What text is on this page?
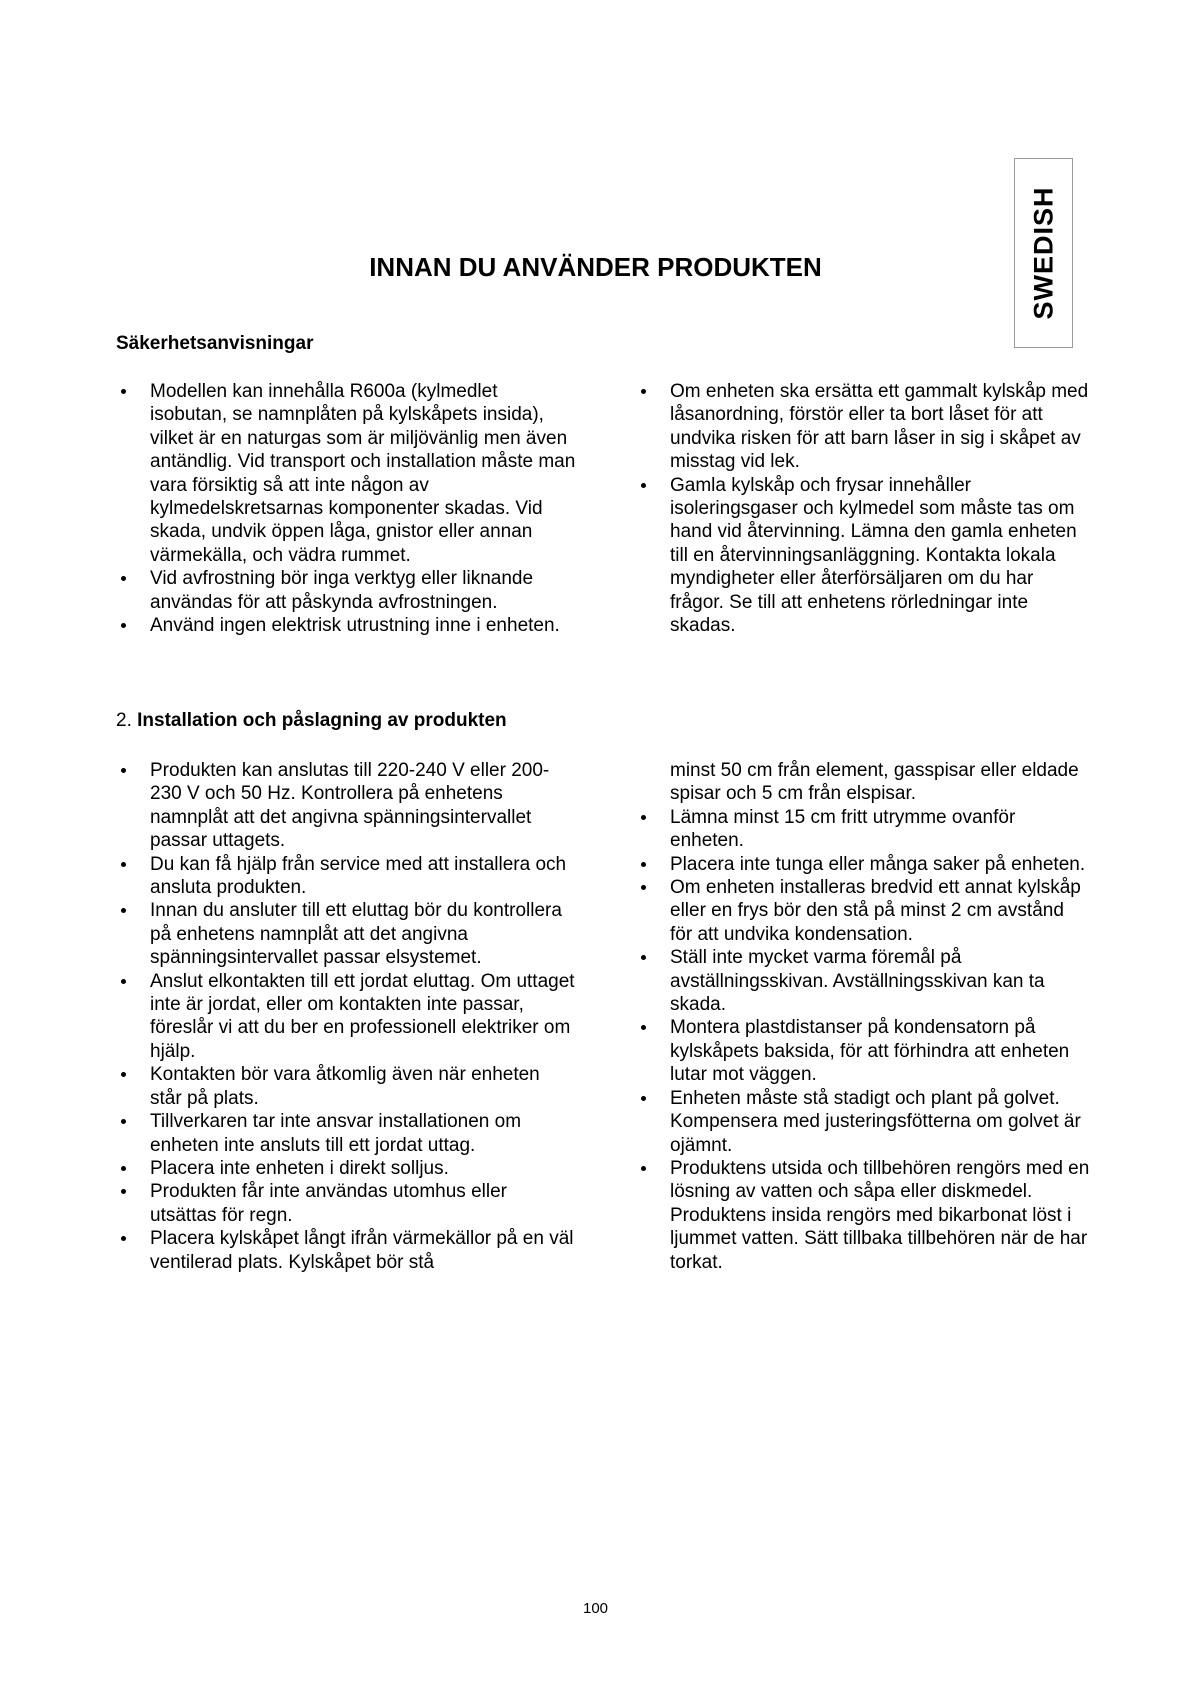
SWEDISH
INNAN DU ANVÄNDER PRODUKTEN
Säkerhetsanvisningar
Modellen kan innehålla R600a (kylmedlet isobutan, se namnplåten på kylskåpets insida), vilket är en naturgas som är miljövänlig men även antändlig. Vid transport och installation måste man vara försiktig så att inte någon av kylmedelskretsarnas komponenter skadas. Vid skada, undvik öppen låga, gnistor eller annan värmekälla, och vädra rummet.
Vid avfrostning bör inga verktyg eller liknande användas för att påskynda avfrostningen.
Använd ingen elektrisk utrustning inne i enheten.
Om enheten ska ersätta ett gammalt kylskåp med låsanordning, förstör eller ta bort låset för att undvika risken för att barn låser in sig i skåpet av misstag vid lek.
Gamla kylskåp och frysar innehåller isoleringsgaser och kylmedel som måste tas om hand vid återvinning. Lämna den gamla enheten till en återvinningsanläggning. Kontakta lokala myndigheter eller återförsäljaren om du har frågor. Se till att enhetens rörledningar inte skadas.
2. Installation och påslagning av produkten
Produkten kan anslutas till 220-240 V eller 200-230 V och 50 Hz. Kontrollera på enhetens namnplåt att det angivna spänningsintervallet passar uttagets.
Du kan få hjälp från service med att installera och ansluta produkten.
Innan du ansluter till ett eluttag bör du kontrollera på enhetens namnplåt att det angivna spänningsintervallet passar elsystemet.
Anslut elkontakten till ett jordat eluttag. Om uttaget inte är jordat, eller om kontakten inte passar, föreslår vi att du ber en professionell elektriker om hjälp.
Kontakten bör vara åtkomlig även när enheten står på plats.
Tillverkaren tar inte ansvar installationen om enheten inte ansluts till ett jordat uttag.
Placera inte enheten i direkt solljus.
Produkten får inte användas utomhus eller utsättas för regn.
Placera kylskåpet långt ifrån värmekällor på en väl ventilerad plats. Kylskåpet bör stå
minst 50 cm från element, gasspisar eller eldade spisar och 5 cm från elspisar.
Lämna minst 15 cm fritt utrymme ovanför enheten.
Placera inte tunga eller många saker på enheten.
Om enheten installeras bredvid ett annat kylskåp eller en frys bör den stå på minst 2 cm avstånd för att undvika kondensation.
Ställ inte mycket varma föremål på avställningsskivan. Avställningsskivan kan ta skada.
Montera plastdistanser på kondensatorn på kylskåpets baksida, för att förhindra att enheten lutar mot väggen.
Enheten måste stå stadigt och plant på golvet. Kompensera med justeringsfötterna om golvet är ojämnt.
Produktens utsida och tillbehören rengörs med en lösning av vatten och såpa eller diskmedel. Produktens insida rengörs med bikarbonat löst i ljummet vatten. Sätt tillbaka tillbehören när de har torkat.
100
